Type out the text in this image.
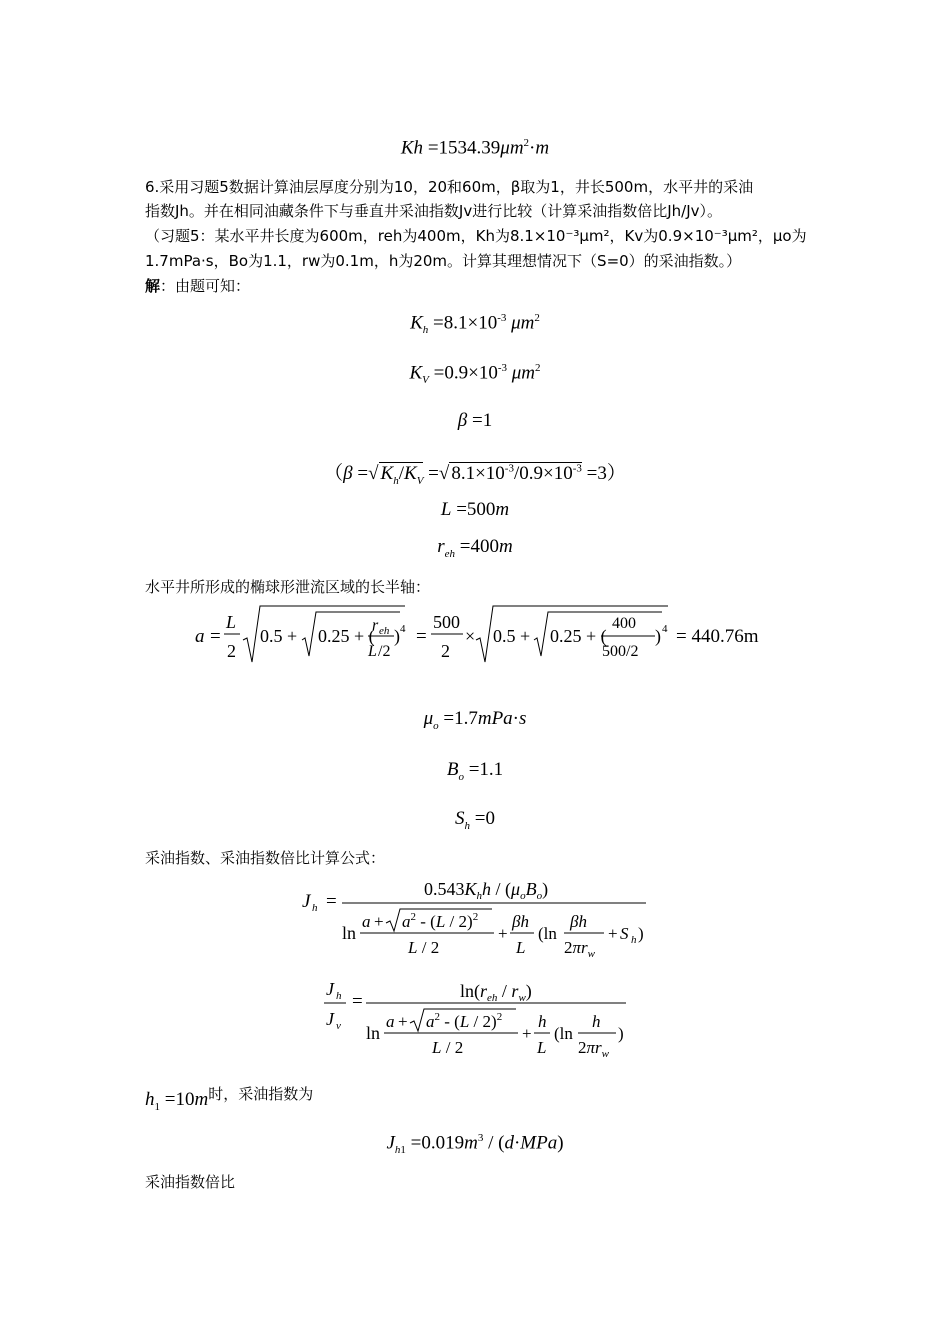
$Kh =1534.39\mu m^2\cdot m$
6.采用习题5数据计算油层厚度分别为10，20和60m，β取为1，井长500m，水平井的采油
指数Jh。并在相同油藏条件下与垂直井采油指数Jv进行比较（计算采油指数倍比Jh/Jv）。
（习题5：某水平井长度为600m，reh为400m，Kh为8.1×10⁻³μm²，Kv为0.9×10⁻³μm²，μo为
1.7mPa·s，Bo为1.1，rw为0.1m，h为20m。计算其理想情况下（S=0）的采油指数。）
解：由题可知：
$K_h =8.1\times 10^{-3}$ $\mu m^2$
$K_V =0.9\times 10^{-3}$ $\mu m^2$
β =1
（β =√ $K_h/K_V$ =√ $8.1\times 10^{-3}/0.9\times 10^{-3} =3$）
L =500m
$r_{eh} =400m$
水平井所形成的椭球形泄流区域的长半轴：
a =
L
2
0.5 + 0.25 + (
r eh
L /2
) 4 =
500
2
× 0.5 + 0.25 + (
400
500/2
) 4 = 440.76m
$\mu_o =1.7mPa\cdot s$
$B_o =1.1$
$S_h =0$
采油指数、采油指数倍比计算公式：
J h =
$0.543K_hh / (\mu_oB_o)$
ln
$a + a^2 - (L / 2)^2$
L / 2
+
βh
L
(ln
βh
$2\pi r_w$
+ S h )
J h
J v
=	$\ln(r_{eh} / r_w)$
ln
$a + a^2 - (L / 2)^2$
L / 2
+
h
L
(ln
h
$2\pi r_w$
)
$h_1 =10m^{时,采油指数为}$
$J_{h1} =0.019m^3 / (d\cdot MPa)$
采油指数倍比
